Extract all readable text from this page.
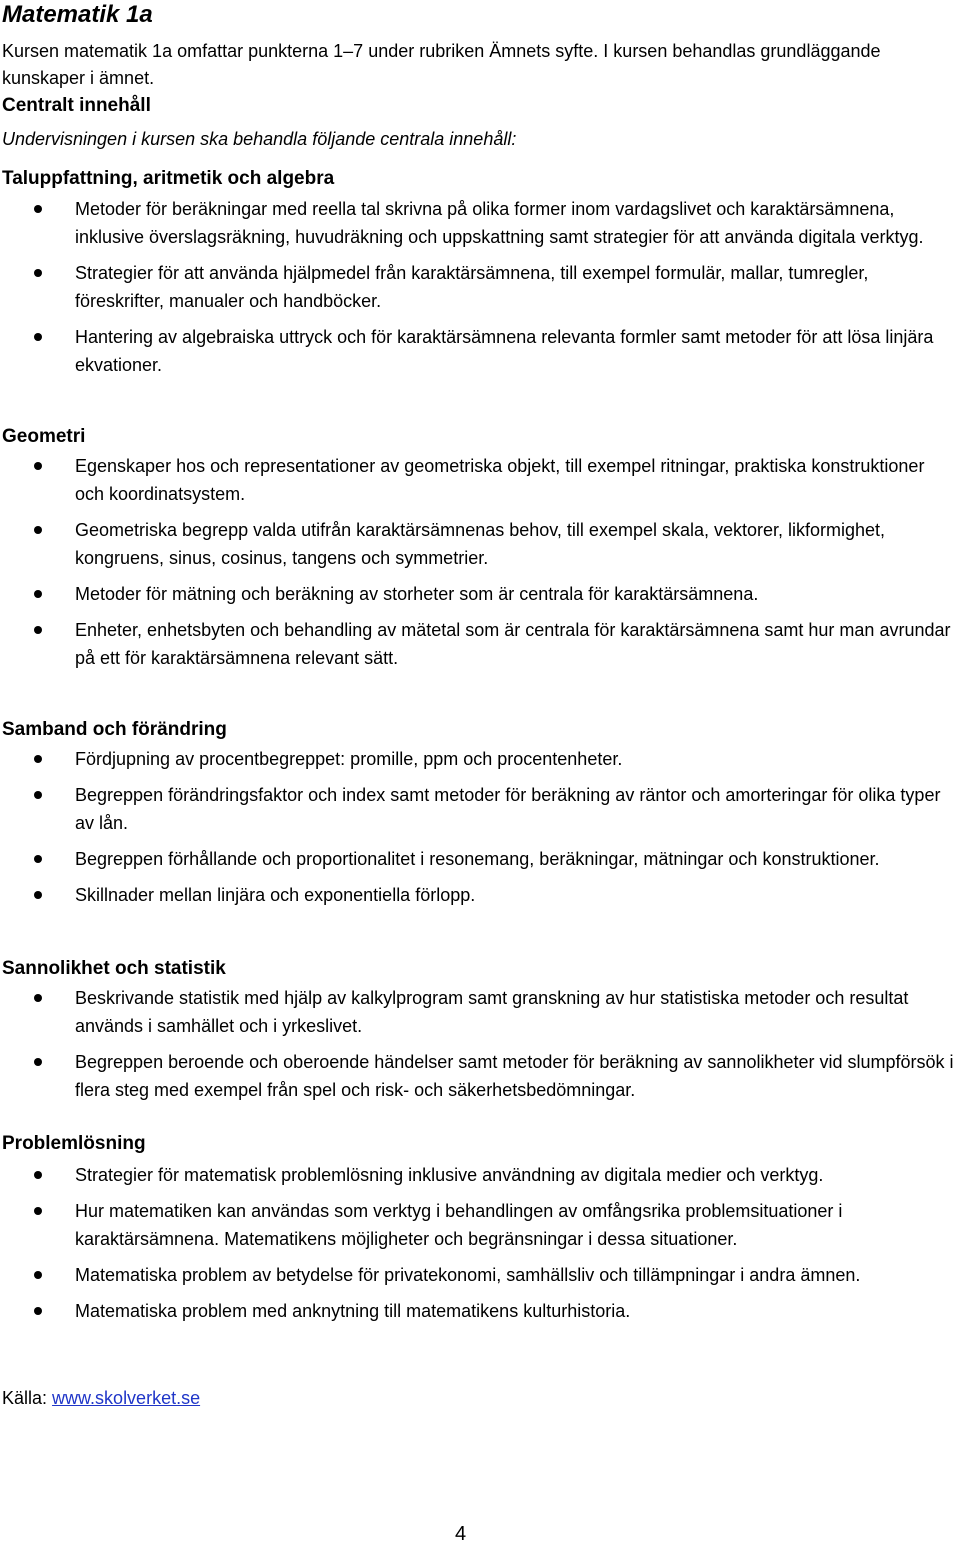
Matematik 1a

Kursen matematik 1a omfattar punkterna 1–7 under rubriken Ämnets syfte. I kursen behandlas grundläggande kunskaper i ämnet.

Centralt innehåll

Undervisningen i kursen ska behandla följande centrala innehåll:

Taluppfattning, aritmetik och algebra
Metoder för beräkningar med reella tal skrivna på olika former inom vardagslivet och karaktärsämnena, inklusive överslagsräkning, huvudräkning och uppskattning samt strategier för att använda digitala verktyg.
Strategier för att använda hjälpmedel från karaktärsämnena, till exempel formulär, mallar, tumregler, föreskrifter, manualer och handböcker.
Hantering av algebraiska uttryck och för karaktärsämnena relevanta formler samt metoder för att lösa linjära ekvationer.
Geometri
Egenskaper hos och representationer av geometriska objekt, till exempel ritningar, praktiska konstruktioner och koordinatsystem.
Geometriska begrepp valda utifrån karaktärsämnenas behov, till exempel skala, vektorer, likformighet, kongruens, sinus, cosinus, tangens och symmetrier.
Metoder för mätning och beräkning av storheter som är centrala för karaktärsämnena.
Enheter, enhetsbyten och behandling av mätetal som är centrala för karaktärsämnena samt hur man avrundar på ett för karaktärsämnena relevant sätt.
Samband och förändring
Fördjupning av procentbegreppet: promille, ppm och procentenheter.
Begreppen förändringsfaktor och index samt metoder för beräkning av räntor och amorteringar för olika typer av lån.
Begreppen förhållande och proportionalitet i resonemang, beräkningar, mätningar och konstruktioner.
Skillnader mellan linjära och exponentiella förlopp.
Sannolikhet och statistik
Beskrivande statistik med hjälp av kalkylprogram samt granskning av hur statistiska metoder och resultat används i samhället och i yrkeslivet.
Begreppen beroende och oberoende händelser samt metoder för beräkning av sannolikheter vid slumpförsök i flera steg med exempel från spel och risk- och säkerhetsbedömningar.
Problemlösning
Strategier för matematisk problemlösning inklusive användning av digitala medier och verktyg.
Hur matematiken kan användas som verktyg i behandlingen av omfångsrika problemsituationer i karaktärsämnena. Matematikens möjligheter och begränsningar i dessa situationer.
Matematiska problem av betydelse för privatekonomi, samhällsliv och tillämpningar i andra ämnen.
Matematiska problem med anknytning till matematikens kulturhistoria.

Källa: www.skolverket.se

4
